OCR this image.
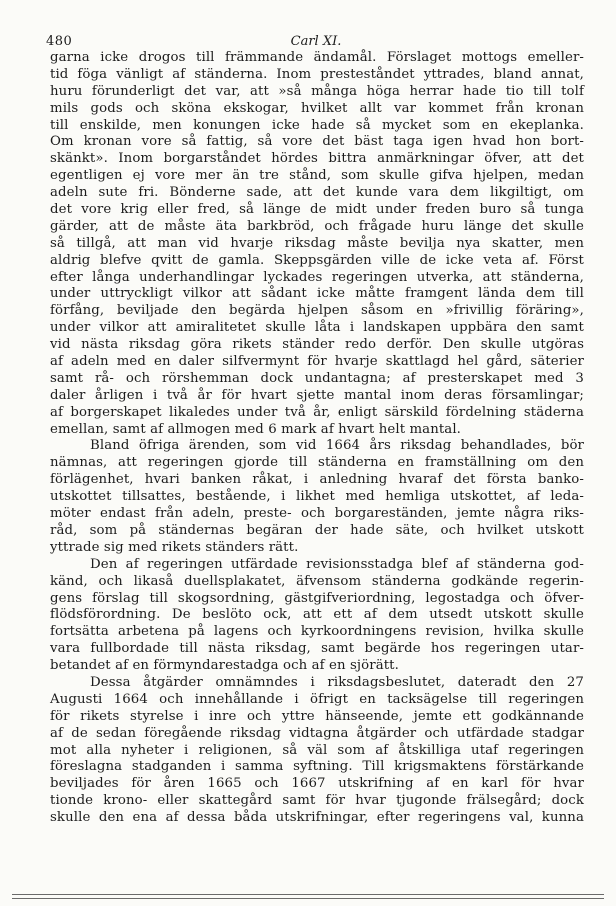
480	Carl XI.
garna icke drogos till främmande ändamål. Förslaget mottogs emeller-
tid föga vänligt af ständerna. Inom presteståndet yttrades, bland annat,
huru förunderligt det var, att »så många höga herrar hade tio till tolf
mils gods och sköna ekskogar, hvilket allt var kommet från kronan
till enskilde, men konungen icke hade så mycket som en ekeplanka.
Om kronan vore så fattig, så vore det bäst taga igen hvad hon bort-
skänkt». Inom borgarståndet hördes bittra anmärkningar öfver, att det
egentligen ej vore mer än tre stånd, som skulle gifva hjelpen, medan
adeln sute fri. Bönderne sade, att det kunde vara dem likgiltigt, om
det vore krig eller fred, så länge de midt under freden buro så tunga
gärder, att de måste äta barkbröd, och frågade huru länge det skulle
så tillgå, att man vid hvarje riksdag måste bevilja nya skatter, men
aldrig blefve qvitt de gamla. Skeppsgärden ville de icke veta af. Först
efter långa underhandlingar lyckades regeringen utverka, att ständerna,
under uttryckligt vilkor att sådant icke måtte framgent lända dem till
förfång, beviljade den begärda hjelpen såsom en »frivillig föräring»,
under vilkor att amiralitetet skulle låta i landskapen uppbära den samt
vid nästa riksdag göra rikets ständer redo derför. Den skulle utgöras
af adeln med en daler silfvermynt för hvarje skattlagd hel gård, säterier
samt rå- och rörshemman dock undantagna; af presterskapet med 3
daler årligen i två år för hvart sjette mantal inom deras församlingar;
af borgerskapet likaledes under två år, enligt särskild fördelning städerna
emellan, samt af allmogen med 6 mark af hvart helt mantal.
Bland öfriga ärenden, som vid 1664 års riksdag behandlades, bör
nämnas, att regeringen gjorde till ständerna en framställning om den
förlägenhet, hvari banken råkat, i anledning hvaraf det första banko-
utskottet tillsattes, bestående, i likhet med hemliga utskottet, af leda-
möter endast från adeln, preste- och borgareständen, jemte några riks-
råd, som på ständernas begäran der hade säte, och hvilket utskott
yttrade sig med rikets ständers rätt.
Den af regeringen utfärdade revisionsstadga blef af ständerna god-
känd, och likaså duellsplakatet, äfvensom ständerna godkände regerin-
gens förslag till skogsordning, gästgifveriordning, legostadga och öfver-
flödsförordning. De beslöto ock, att ett af dem utsedt utskott skulle
fortsätta arbetena på lagens och kyrkoordningens revision, hvilka skulle
vara fullbordade till nästa riksdag, samt begärde hos regeringen utar-
betandet af en förmyndarestadga och af en sjörätt.
Dessa åtgärder omnämndes i riksdagsbeslutet, dateradt den 27
Augusti 1664 och innehållande i öfrigt en tacksägelse till regeringen
för rikets styrelse i inre och yttre hänseende, jemte ett godkännande
af de sedan föregående riksdag vidtagna åtgärder och utfärdade stadgar
mot alla nyheter i religionen, så väl som af åtskilliga utaf regeringen
föreslagna stadganden i samma syftning. Till krigsmaktens förstärkande
beviljades för åren 1665 och 1667 utskrifning af en karl för hvar
tionde krono- eller skattegård samt för hvar tjugonde frälsegård; dock
skulle den ena af dessa båda utskrifningar, efter regeringens val, kunna
